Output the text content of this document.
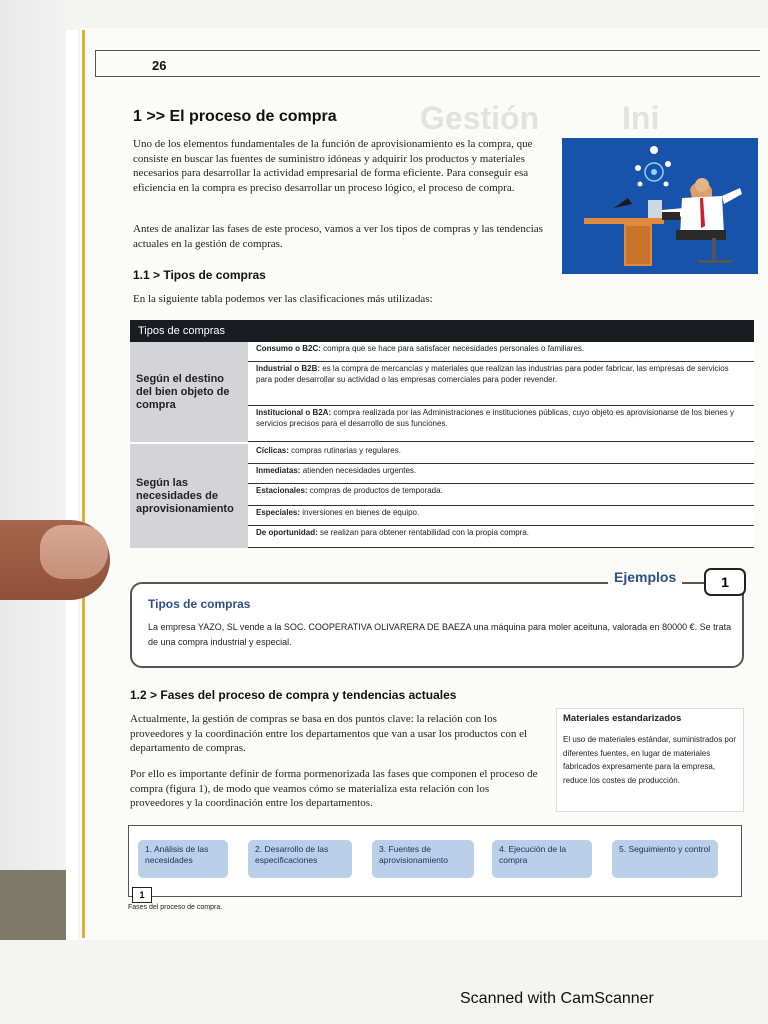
26
Gestión	Ini
1 >> El proceso de compra

Uno de los elementos fundamentales de la función de aprovisionamiento es la compra, que consiste en buscar las fuentes de suministro idóneas y adquirir los productos y materiales necesarios para desarrollar la actividad empresarial de forma eficiente. Para conseguir esa eficiencia en la compra es preciso desarrollar un proceso lógico, el proceso de compra.

Antes de analizar las fases de este proceso, vamos a ver los tipos de compras y las tendencias actuales en la gestión de compras.

1.1 > Tipos de compras

En la siguiente tabla podemos ver las clasificaciones más utilizadas:

Tipos de compras
Según el destino del bien objeto de compra
Consumo o B2C: compra que se hace para satisfacer necesidades personales o familiares.
Industrial o B2B: es la compra de mercancías y materiales que realizan las industrias para poder fabricar, las empresas de servicios para poder desarrollar su actividad o las empresas comerciales para poder revender.
Institucional o B2A: compra realizada por las Administraciones e instituciones públicas, cuyo objeto es aprovisionarse de los bienes y servicios precisos para el desarrollo de sus funciones.
Según las necesidades de aprovisionamiento
Cíclicas: compras rutinarias y regulares.
Inmediatas: atienden necesidades urgentes.
Estacionales: compras de productos de temporada.
Especiales: inversiones en bienes de equipo.
De oportunidad: se realizan para obtener rentabilidad con la propia compra.
Ejemplos	1
Tipos de compras
La empresa YAZO, SL vende a la SOC. COOPERATIVA OLIVARERA DE BAEZA una máquina para moler aceituna, valorada en 80000 €. Se trata de una compra industrial y especial.
1.2 > Fases del proceso de compra y tendencias actuales

Actualmente, la gestión de compras se basa en dos puntos clave: la relación con los proveedores y la coordinación entre los departamentos que van a usar los productos con el departamento de compras.

Por ello es importante definir de forma pormenorizada las fases que componen el proceso de compra (figura 1), de modo que veamos cómo se materializa esta relación con los proveedores y la coordinación entre los departamentos.

Materiales estandarizados
El uso de materiales estándar, suministrados por diferentes fuentes, en lugar de materiales fabricados expresamente para la empresa, reduce los costes de producción.
1. Análisis de las necesidades
2. Desarrollo de las especificaciones
3. Fuentes de aprovisionamiento
4. Ejecución de la compra
5. Seguimiento y control
1
Fases del proceso de compra.
Scanned with CamScanner
